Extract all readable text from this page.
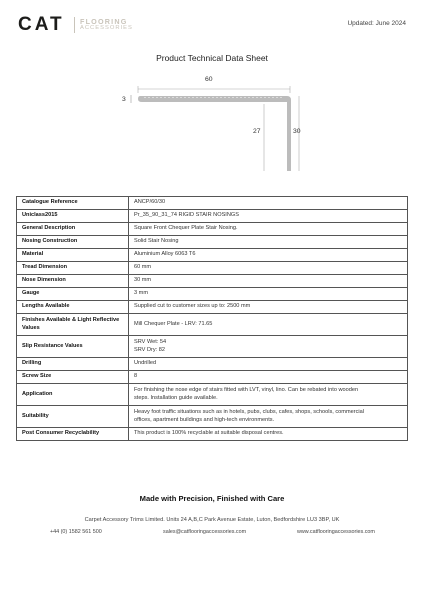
CAT FLOORING
ACCESSORIES
Updated: June 2024
Product Technical Data Sheet
60
3
27	30
Catalogue Reference	ANCP/60/30

Uniclass2015	Pr_35_90_31_74 RIGID STAIR NOSINGS

General Description	Square Front Chequer Plate Stair Nosing.

Nosing Construction	Solid Stair Nosing

Material	Aluminium Alloy 6063 T6

Tread Dimension	60 mm

Nose Dimension	30 mm

Gauge	3 mm

Lengths Available	Supplied cut to customer sizes up to: 2500 mm

Finishes Available & Light Reflective Values	Mill Chequer Plate - LRV: 71.65

Slip Resistance Values	SRV Wet: 54
SRV Dry: 82

Drilling	Undrilled

Screw Size	8

Application	For finishing the nose edge of stairs fitted with LVT, vinyl, lino. Can be rebated into wooden
steps. Installation guide available.

Suitability	Heavy foot traffic situations such as in hotels, pubs, clubs, cafes, shops, schools, commercial
offices, apartment buildings and high-tech environments.

Post Consumer Recyclability	This product is 100% recyclable at suitable disposal centres.
Made with Precision, Finished with Care
Carpet Accessory Trims Limited. Units 24 A,B,C Park Avenue Estate, Luton, Bedfordshire LU3 3BP, UK
+44 (0) 1582 561 500	sales@catflooringaccessories.com	www.catflooringaccessories.com
